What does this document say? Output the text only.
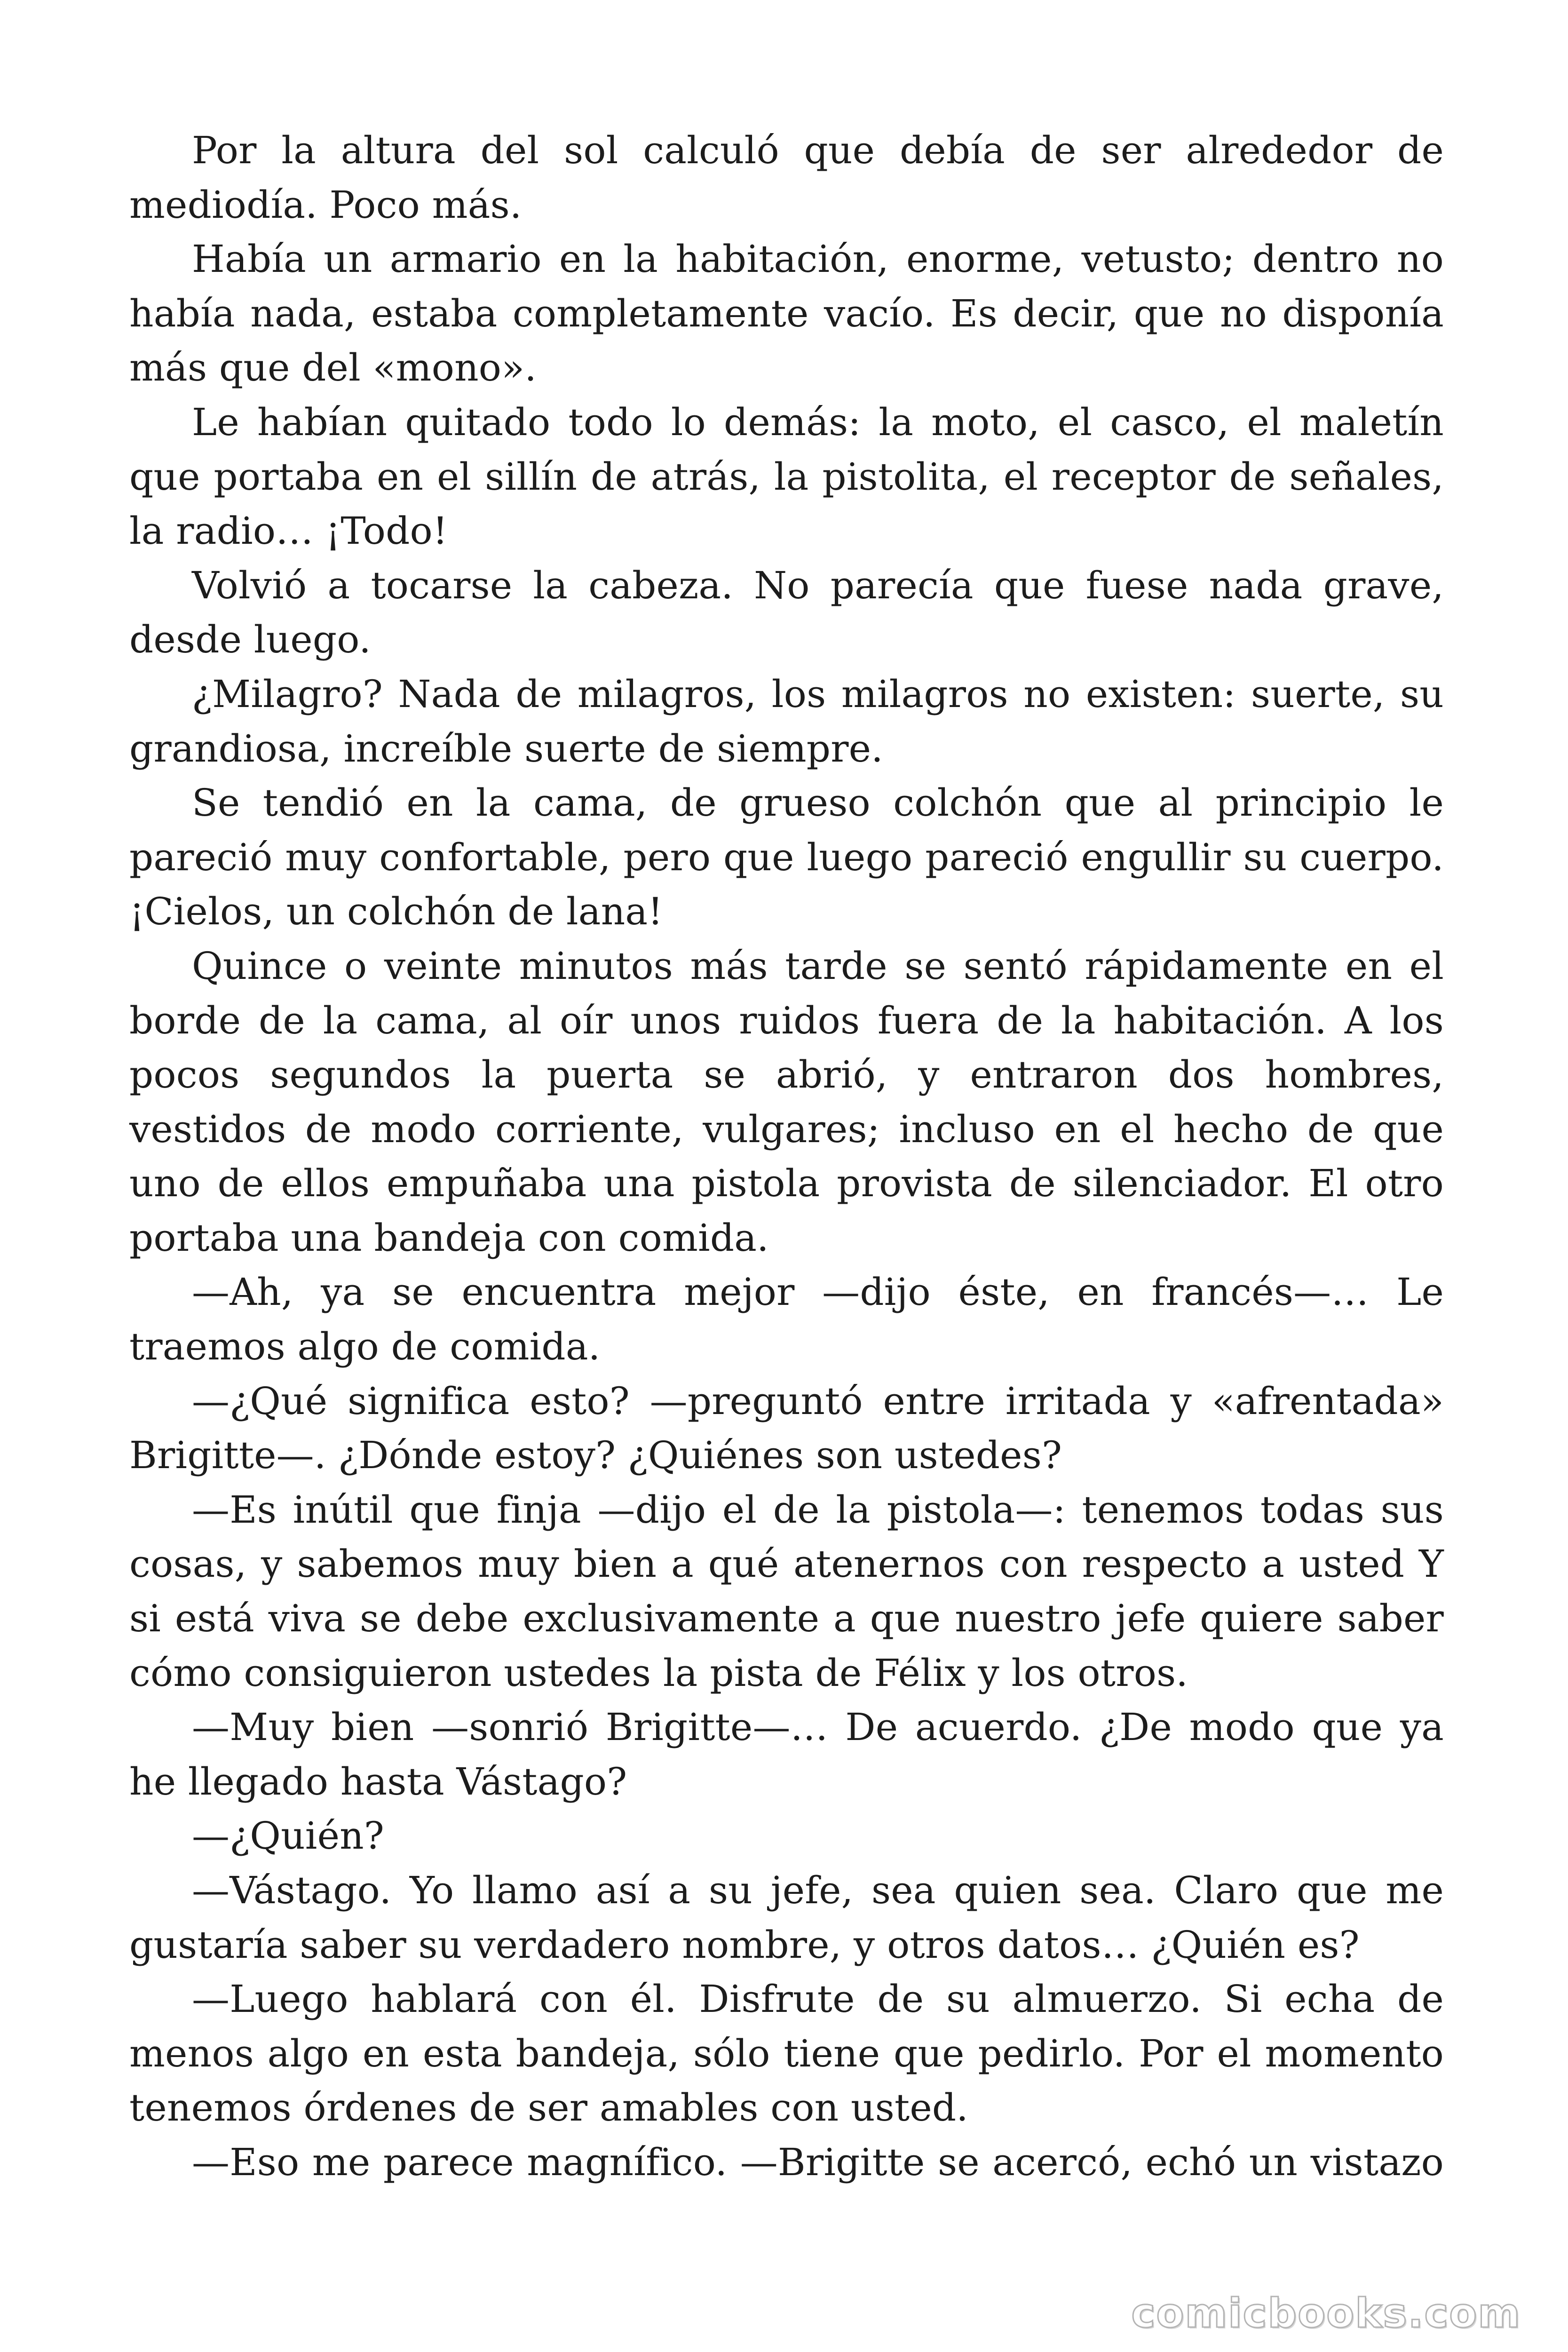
Por la altura del sol calculó que debía de ser alrededor de mediodía. Poco más.

Había un armario en la habitación, enorme, vetusto; dentro no había nada, estaba completamente vacío. Es decir, que no disponía más que del «mono».

Le habían quitado todo lo demás: la moto, el casco, el maletín que portaba en el sillín de atrás, la pistolita, el receptor de señales, la radio… ¡Todo!

Volvió a tocarse la cabeza. No parecía que fuese nada grave, desde luego.

¿Milagro? Nada de milagros, los milagros no existen: suerte, su grandiosa, increíble suerte de siempre.

Se tendió en la cama, de grueso colchón que al principio le pareció muy confortable, pero que luego pareció engullir su cuerpo. ¡Cielos, un colchón de lana!

Quince o veinte minutos más tarde se sentó rápidamente en el borde de la cama, al oír unos ruidos fuera de la habitación. A los pocos segundos la puerta se abrió, y entraron dos hombres, vestidos de modo corriente, vulgares; incluso en el hecho de que uno de ellos empuñaba una pistola provista de silenciador. El otro portaba una bandeja con comida.

—Ah, ya se encuentra mejor —dijo éste, en francés—… Le traemos algo de comida.

—¿Qué significa esto? —preguntó entre irritada y «afrentada» Brigitte—. ¿Dónde estoy? ¿Quiénes son ustedes?

—Es inútil que finja —dijo el de la pistola—: tenemos todas sus cosas, y sabemos muy bien a qué atenernos con respecto a usted Y si está viva se debe exclusivamente a que nuestro jefe quiere saber cómo consiguieron ustedes la pista de Félix y los otros.

—Muy bien —sonrió Brigitte—… De acuerdo. ¿De modo que ya he llegado hasta Vástago?

—¿Quién?

—Vástago. Yo llamo así a su jefe, sea quien sea. Claro que me gustaría saber su verdadero nombre, y otros datos… ¿Quién es?

—Luego hablará con él. Disfrute de su almuerzo. Si echa de menos algo en esta bandeja, sólo tiene que pedirlo. Por el momento tenemos órdenes de ser amables con usted.

—Eso me parece magnífico. —Brigitte se acercó, echó un vistazo

comicbooks.com
